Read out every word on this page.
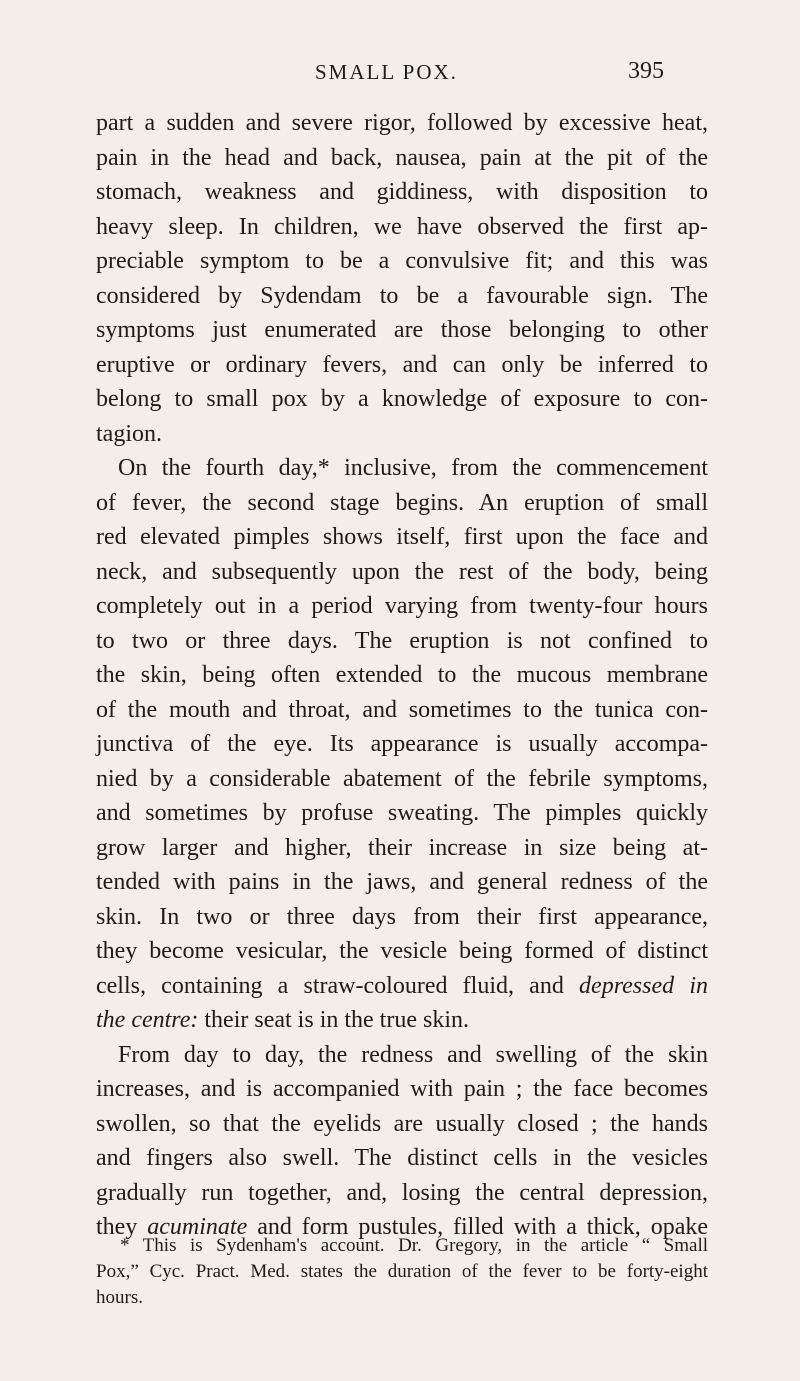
SMALL POX.	395
part a sudden and severe rigor, followed by excessive heat,
pain in the head and back, nausea, pain at the pit of the
stomach, weakness and giddiness, with disposition to
heavy sleep. In children, we have observed the first ap-
preciable symptom to be a convulsive fit; and this was
considered by Sydendam to be a favourable sign. The
symptoms just enumerated are those belonging to other
eruptive or ordinary fevers, and can only be inferred to
belong to small pox by a knowledge of exposure to con-
tagion.
On the fourth day,* inclusive, from the commencement
of fever, the second stage begins. An eruption of small
red elevated pimples shows itself, first upon the face and
neck, and subsequently upon the rest of the body, being
completely out in a period varying from twenty-four hours
to two or three days. The eruption is not confined to
the skin, being often extended to the mucous membrane
of the mouth and throat, and sometimes to the tunica con-
junctiva of the eye. Its appearance is usually accompa-
nied by a considerable abatement of the febrile symptoms,
and sometimes by profuse sweating. The pimples quickly
grow larger and higher, their increase in size being at-
tended with pains in the jaws, and general redness of the
skin. In two or three days from their first appearance,
they become vesicular, the vesicle being formed of distinct
cells, containing a straw-coloured fluid, and depressed in
the centre: their seat is in the true skin.
From day to day, the redness and swelling of the skin
increases, and is accompanied with pain ; the face becomes
swollen, so that the eyelids are usually closed ; the hands
and fingers also swell. The distinct cells in the vesicles
gradually run together, and, losing the central depression,
they acuminate and form pustules, filled with a thick, opake
* This is Sydenham's account. Dr. Gregory, in the article “ Small
Pox,” Cyc. Pract. Med. states the duration of the fever to be forty-eight
hours.
